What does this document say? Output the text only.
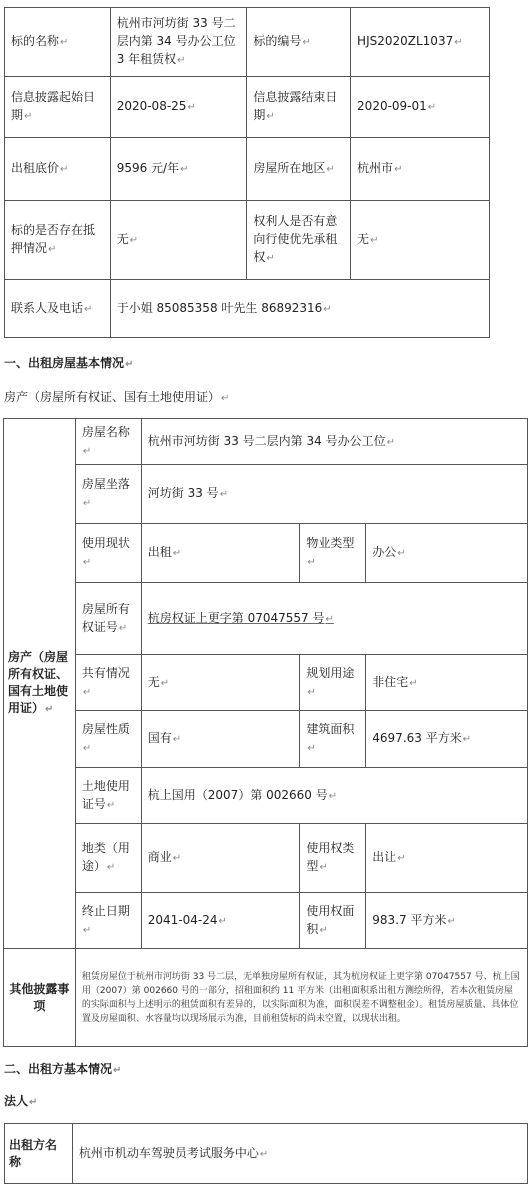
标的名称 ↵	杭州市河坊街 33 号二层内第 34 号办公工位 3 年租赁权 ↵	标的编号 ↵	HJS2020ZL1037 ↵
信息披露起始日期 ↵	2020-08-25 ↵	信息披露结束日期 ↵	2020-09-01 ↵
出租底价 ↵	9596 元/年 ↵	房屋所在地区 ↵	杭州市 ↵
标的是否存在抵押情况 ↵	无 ↵	权利人是否有意向行使优先承租权 ↵	无 ↵
联系人及电话 ↵	于小姐 85085358 叶先生 86892316 ↵
一、出租房屋基本情况 ↵
房产（房屋所有权证、国有土地使用证） ↵
房产（房屋所有权证、国有土地使用证） ↵	房屋名称 ↵	杭州市河坊街 33 号二层内第 34 号办公工位 ↵
	房屋坐落 ↵	河坊街 33 号 ↵
	使用现状 ↵	出租 ↵	物业类型 ↵	办公 ↵
	房屋所有权证号 ↵	杭房权证上更字第 07047557 号 ↵
	共有情况 ↵	无 ↵	规划用途 ↵	非住宅 ↵
	房屋性质 ↵	国有 ↵	建筑面积 ↵	4697.63 平方米 ↵
	土地使用证号 ↵	杭上国用（2007）第 002660 号 ↵
	地类（用途） ↵	商业 ↵	使用权类型 ↵	出让 ↵
	终止日期 ↵	2041-04-24 ↵	使用权面积 ↵	983.7 平方米 ↵
其他披露事项	租赁房屋位于杭州市河坊街 33 号二层，无单独房屋所有权证，其为杭房权证上更字第 07047557 号、杭上国用（2007）第 002660 号的一部分，招租面积约 11 平方米（出租面积系出租方测绘所得，若本次租赁房屋的实际面积与上述明示的租赁面积有差异的，以实际面积为准，面积误差不调整租金）。租赁房屋质量、具体位置及房屋面积、水容量均以现场展示为准，目前租赁标的尚未空置，以现状出租。			
二、出租方基本情况 ↵
法人 ↵
出租方名称	杭州市机动车驾驶员考试服务中心 ↵
